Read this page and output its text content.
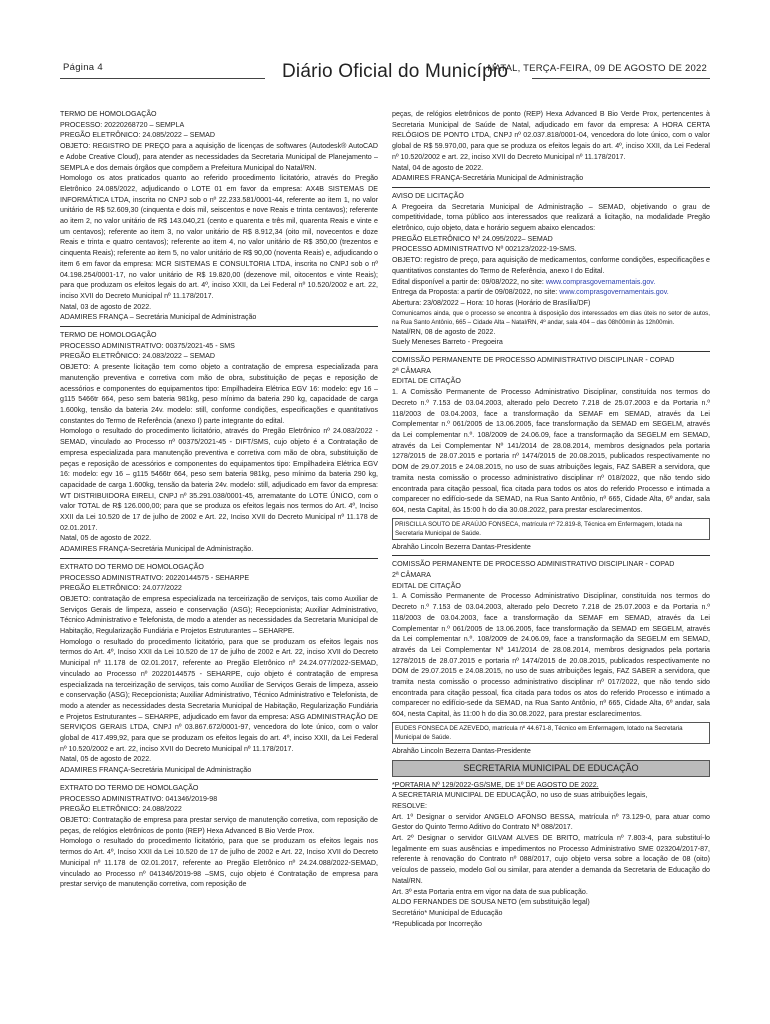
Página 4	Diário Oficial do Município
NATAL, TERÇA-FEIRA, 09 DE AGOSTO DE 2022

TERMO DE HOMOLOGAÇÃO

PROCESSO: 20220268720 – SEMPLA

PREGÃO ELETRÔNICO: 24.085/2022 – SEMAD

OBJETO: REGISTRO DE PREÇO para a aquisição de licenças de softwares (Autodesk® AutoCAD e Adobe Creative Cloud), para atender as necessidades da Secretaria Municipal de Planejamento – SEMPLA e dos demais órgãos que compõem a Prefeitura Municipal do Natal/RN.

Homologo os atos praticados quanto ao referido procedimento licitatório, através do Pregão Eletrônico 24.085/2022, adjudicando o LOTE 01 em favor da empresa: AX4B SISTEMAS DE INFORMÁTICA LTDA, inscrita no CNPJ sob o nº 22.233.581/0001-44, referente ao item 1, no valor unitário de R$ 52.609,30 (cinquenta e dois mil, seiscentos e nove Reais e trinta centavos); referente ao item 2, no valor unitário de R$ 143.040,21 (cento e quarenta e três mil, quarenta Reais e vinte e um centavos); referente ao item 3, no valor unitário de R$ 8.912,34 (oito mil, novecentos e doze Reais e trinta e quatro centavos); referente ao item 4, no valor unitário de R$ 350,00 (trezentos e cinquenta Reais); referente ao item 5, no valor unitário de R$ 90,00 (noventa Reais) e, adjudicando o item 6 em favor da empresa: MCR SISTEMAS E CONSULTORIA LTDA, inscrita no CNPJ sob o nº 04.198.254/0001-17, no valor unitário de R$ 19.820,00 (dezenove mil, oitocentos e vinte Reais); para que produzam os efeitos legais do art. 4º, inciso XXII, da Lei Federal nº 10.520/2002 e art. 22, inciso XVII do Decreto Municipal nº 11.178/2017.

Natal, 03 de agosto de 2022.

ADAMIRES FRANÇA – Secretária Municipal de Administração

TERMO DE HOMOLOGAÇÃO

PROCESSO ADMINISTRATIVO: 00375/2021-45 - SMS

PREGÃO ELETRÔNICO: 24.083/2022 – SEMAD

OBJETO: A presente licitação tem como objeto a contratação de empresa especializada para manutenção preventiva e corretiva com mão de obra, substituição de peças e reposição de acessórios e componentes do equipamentos tipo: Empilhadeira Elétrica EGV 16: modelo: egv 16 – g115 5466tr 664, peso sem bateria 981kg, peso mínimo da bateria 290 kg, capacidade de carga 1.600kg, tensão da bateria 24v. modelo: still, conforme condições, especificações e quantitativos constantes do Termo de Referência (anexo I) parte integrante do edital.

Homologo o resultado do procedimento licitatório, através do Pregão Eletrônico nº 24.083/2022 - SEMAD, vinculado ao Processo nº 00375/2021-45 - DIFT/SMS, cujo objeto é a Contratação de empresa especializada para manutenção preventiva e corretiva com mão de obra, substituição de peças e reposição de acessórios e componentes do equipamentos tipo: Empilhadeira Elétrica EGV 16: modelo: egv 16 – g115 5466tr 664, peso sem bateria 981kg, peso mínimo da bateria 290 kg, capacidade de carga 1.600kg, tensão da bateria 24v. modelo: still, adjudicado em favor da empresa: WT DISTRIBUIDORA EIRELI, CNPJ nº 35.291.038/0001-45, arrematante do LOTE ÚNICO, com o valor TOTAL de R$ 126.000,00; para que se produza os efeitos legais nos termos do Art. 4º, Inciso XXII da Lei 10.520 de 17 de julho de 2002 e Art. 22, Inciso XVII do Decreto Municipal nº 11.178 de 02.01.2017.

Natal, 05 de agosto de 2022.

ADAMIRES FRANÇA-Secretária Municipal de Administração.

EXTRATO DO TERMO DE HOMOLOGAÇÃO

PROCESSO ADMINISTRATIVO: 20220144575 - SEHARPE

PREGÃO ELETRÔNICO: 24.077/2022

OBJETO: contratação de empresa especializada na terceirização de serviços, tais como Auxiliar de Serviços Gerais de limpeza, asseio e conservação (ASG); Recepcionista; Auxiliar Administrativo, Técnico Administrativo e Telefonista, de modo a atender as necessidades da Secretaria Municipal de Habitação, Regularização Fundiária e Projetos Estruturantes – SEHARPE.

Homologo o resultado do procedimento licitatório, para que se produzam os efeitos legais nos termos do Art. 4º, Inciso XXII da Lei 10.520 de 17 de julho de 2002 e Art. 22, inciso XVII do Decreto Municipal nº 11.178 de 02.01.2017, referente ao Pregão Eletrônico nº 24.24.077/2022-SEMAD, vinculado ao Processo nº 20220144575 - SEHARPE, cujo objeto é contratação de empresa especializada na terceirização de serviços, tais como Auxiliar de Serviços Gerais de limpeza, asseio e conservação (ASG); Recepcionista; Auxiliar Administrativo, Técnico Administrativo e Telefonista, de modo a atender as necessidades desta Secretaria Municipal de Habitação, Regularização Fundiária e Projetos Estruturantes – SEHARPE, adjudicado em favor da empresa: ASG ADMINISTRAÇÃO DE SERVIÇOS GERAIS LTDA, CNPJ nº 03.867.672/0001-97, vencedora do lote único, com o valor global de 417.499,92, para que se produzam os efeitos legais do art. 4º, inciso XXII, da Lei Federal nº 10.520/2002 e art. 22, inciso XVII do Decreto Municipal nº 11.178/2017.

Natal, 05 de agosto de 2022.

ADAMIRES FRANÇA-Secretária Municipal de Administração

EXTRATO DO TERMO DE HOMOLGAÇÃO

PROCESSO ADMINISTRATIVO: 041346/2019-98

PREGÃO ELETRÔNICO: 24.088/2022

OBJETO: Contratação de empresa para prestar serviço de manutenção corretiva, com reposição de peças, de relógios eletrônicos de ponto (REP) Hexa Advanced B Bio Verde Prox.

Homologo o resultado do procedimento licitatório, para que se produzam os efeitos legais nos termos do Art. 4º, Inciso XXII da Lei 10.520 de 17 de julho de 2002 e Art. 22, Inciso XVII do Decreto Municipal nº 11.178 de 02.01.2017, referente ao Pregão Eletrônico nº 24.24.088/2022-SEMAD, vinculado ao Processo nº 041346/2019-98 –SMS, cujo objeto é Contratação de empresa para prestar serviço de manutenção corretiva, com reposição de

peças, de relógios eletrônicos de ponto (REP) Hexa Advanced B Bio Verde Prox, pertencentes à Secretaria Municipal de Saúde de Natal, adjudicado em favor da empresa: A HORA CERTA RELÓGIOS DE PONTO LTDA, CNPJ nº 02.037.818/0001-04, vencedora do lote único, com o valor global de R$ 59.970,00, para que se produza os efeitos legais do art. 4º, inciso XXII, da Lei Federal nº 10.520/2002 e art. 22, inciso XVII do Decreto Municipal nº 11.178/2017.

Natal, 04 de agosto de 2022.

ADAMIRES FRANÇA-Secretária Municipal de Administração

AVISO DE LICITAÇÃO

A Pregoeira da Secretaria Municipal de Administração – SEMAD, objetivando o grau de competitividade, torna público aos interessados que realizará a licitação, na modalidade Pregão eletrônico, cujo objeto, data e horário seguem abaixo elencados:

PREGÃO ELETRÔNICO Nº 24.095/2022– SEMAD

PROCESSO ADMINISTRATIVO Nº 002123/2022-19-SMS.

OBJETO: registro de preço, para aquisição de medicamentos, conforme condições, especificações e quantitativos constantes do Termo de Referência, anexo I do Edital.

Edital disponível a partir de: 09/08/2022, no site: www.comprasgovernamentais.gov.

Entrega da Proposta: a partir de 09/08/2022, no site: www.comprasgovernamentais.gov.

Abertura: 23/08/2022 – Hora: 10 horas (Horário de Brasília/DF)

Comunicamos ainda, que o processo se encontra à disposição dos interessados em dias úteis no setor de autos, na Rua Santo Antônio, 665 – Cidade Alta – Natal/RN, 4º andar, sala 404 – das 08h00min às 12h00min.

Natal/RN, 08 de agosto de 2022.

Suely Meneses Barreto - Pregoeira

COMISSÃO PERMANENTE DE PROCESSO ADMINISTRATIVO DISCIPLINAR - COPAD

2ª CÂMARA

EDITAL DE CITAÇÃO

1. A Comissão Permanente de Processo Administrativo Disciplinar, constituída nos termos do Decreto n.º 7.153 de 03.04.2003, alterado pelo Decreto 7.218 de 25.07.2003 e da Portaria n.º 118/2003 de 03.04.2003, face a transformação da SEMAF em SEMAD, através da Lei Complementar n.º 061/2005 de 13.06.2005, face transformação da SEMAD em SEGELM, através da Lei complementar n.º. 108/2009 de 24.06.09, face a transformação da SEGELM em SEMAD, através da Lei Complementar Nº 141/2014 de 28.08.2014, membros designados pela portaria 1278/2015 de 28.07.2015 e portaria nº 1474/2015 de 20.08.2015, publicados respectivamente no DOM de 29.07.2015 e 24.08.2015, no uso de suas atribuições legais, FAZ SABER a servidora, que tramita nesta comissão o processo administrativo disciplinar nº 018/2022, que não tendo sido encontrada para citação pessoal, fica citada para todos os atos do referido Processo e intimada a comparecer no edifício-sede da SEMAD, na Rua Santo Antônio, nº 665, Cidade Alta, 6º andar, sala 604, nesta Capital, às 15:00 h do dia 30.08.2022, para prestar esclarecimentos.

PRISCILLA SOUTO DE ARAÚJO FONSECA, matrícula nº 72.819-8, Técnica em Enfermagem, lotada na Secretaria Municipal de Saúde.

Abrahão Lincoln Bezerra Dantas-Presidente

COMISSÃO PERMANENTE DE PROCESSO ADMINISTRATIVO DISCIPLINAR - COPAD

2ª CÂMARA

EDITAL DE CITAÇÃO

1. A Comissão Permanente de Processo Administrativo Disciplinar, constituída nos termos do Decreto n.º 7.153 de 03.04.2003, alterado pelo Decreto 7.218 de 25.07.2003 e da Portaria n.º 118/2003 de 03.04.2003, face a transformação da SEMAF em SEMAD, através da Lei Complementar n.º 061/2005 de 13.06.2005, face transformação da SEMAD em SEGELM, através da Lei complementar n.º. 108/2009 de 24.06.09, face a transformação da SEGELM em SEMAD, através da Lei Complementar Nº 141/2014 de 28.08.2014, membros designados pela portaria 1278/2015 de 28.07.2015 e portaria nº 1474/2015 de 20.08.2015, publicados respectivamente no DOM de 29.07.2015 e 24.08.2015, no uso de suas atribuições legais, FAZ SABER a servidora, que tramita nesta comissão o processo administrativo disciplinar nº 017/2022, que não tendo sido encontrada para citação pessoal, fica citada para todos os atos do referido Processo e intimado a comparecer no edifício-sede da SEMAD, na Rua Santo Antônio, nº 665, Cidade Alta, 6º andar, sala 604, nesta Capital, às 11:00 h do dia 30.08.2022, para prestar esclarecimentos.

EUDES FONSECA DE AZEVEDO, matrícula nº 44.671-8, Técnico em Enfermagem, lotado na Secretaria Municipal de Saúde.

Abrahão Lincoln Bezerra Dantas-Presidente

SECRETARIA MUNICIPAL DE EDUCAÇÃO

*PORTARIA Nº 129/2022-GS/SME, DE 1º DE AGOSTO DE 2022.

A SECRETARIA MUNICIPAL DE EDUCAÇÃO, no uso de suas atribuições legais,

RESOLVE:

Art. 1º Designar o servidor ANGELO AFONSO BESSA, matrícula nº 73.129-0, para atuar como Gestor do Quinto Termo Aditivo do Contrato Nº 088/2017.

Art. 2º Designar o servidor GILVAM ALVES DE BRITO, matrícula nº 7.803-4, para substituí-lo legalmente em suas ausências e impedimentos no Processo Administrativo SME 023204/2017-87, referente à renovação do Contrato nº 088/2017, cujo objeto versa sobre a locação de 08 (oito) veículos de passeio, modelo Gol ou similar, para atender a demanda da Secretaria de Educação do Natal/RN.

Art. 3º esta Portaria entra em vigor na data de sua publicação.

ALDO FERNANDES DE SOUSA NETO (em substituição legal)

Secretário* Municipal de Educação

*Republicada por Incorreção
